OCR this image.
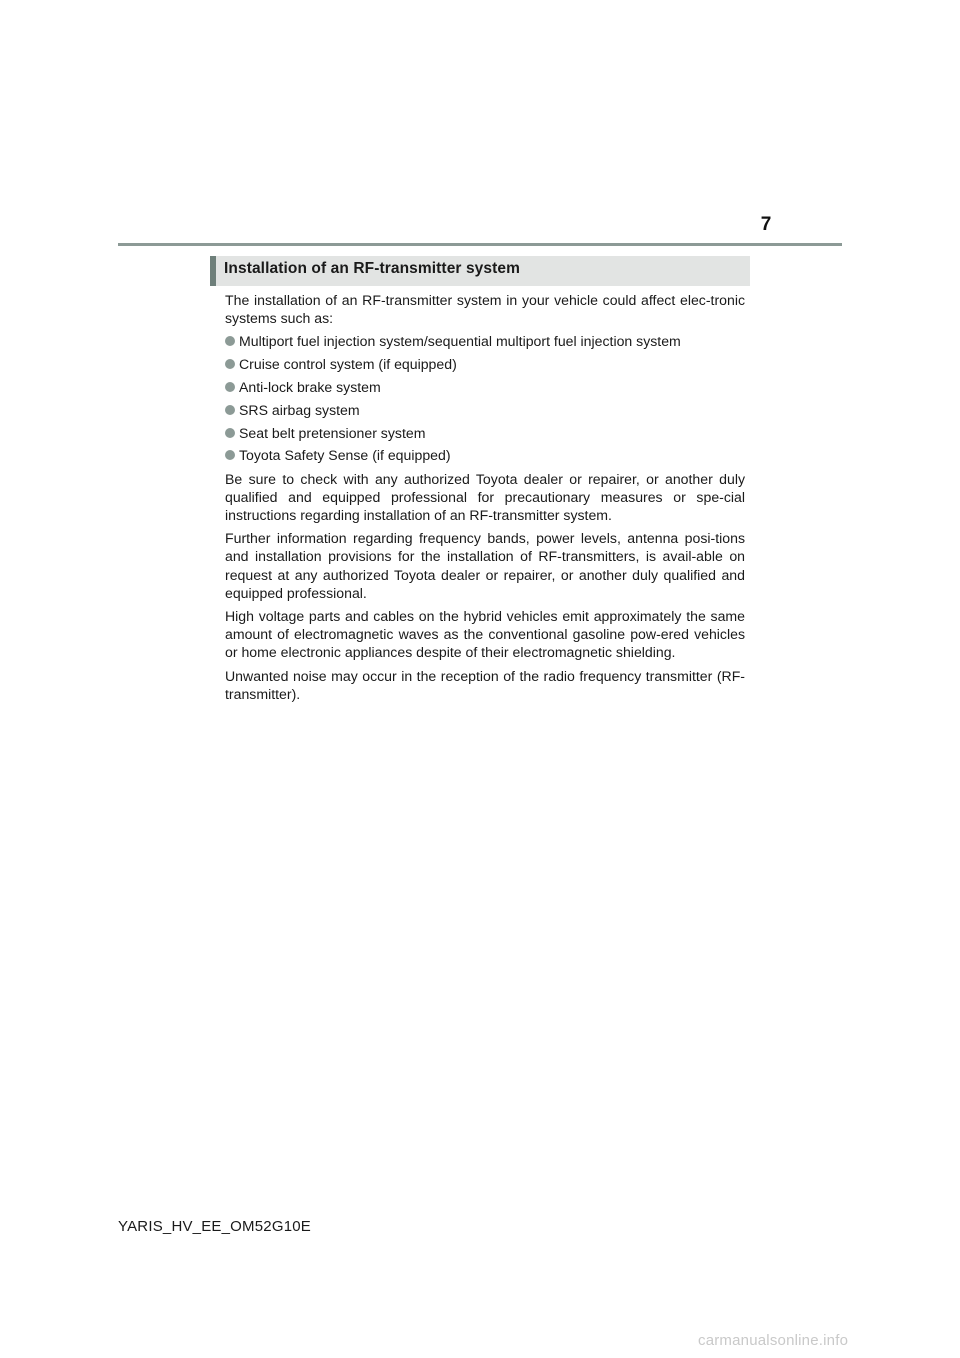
7
Installation of an RF-transmitter system

The installation of an RF-transmitter system in your vehicle could affect elec-tronic systems such as:

Multiport fuel injection system/sequential multiport fuel injection system
Cruise control system (if equipped)
Anti-lock brake system
SRS airbag system
Seat belt pretensioner system
Toyota Safety Sense (if equipped)

Be sure to check with any authorized Toyota dealer or repairer, or another duly qualified and equipped professional for precautionary measures or spe-cial instructions regarding installation of an RF-transmitter system.

Further information regarding frequency bands, power levels, antenna posi-tions and installation provisions for the installation of RF-transmitters, is avail-able on request at any authorized Toyota dealer or repairer, or another duly qualified and equipped professional.

High voltage parts and cables on the hybrid vehicles emit approximately the same amount of electromagnetic waves as the conventional gasoline pow-ered vehicles or home electronic appliances despite of their electromagnetic shielding.

Unwanted noise may occur in the reception of the radio frequency transmitter (RF-transmitter).

YARIS_HV_EE_OM52G10E
carmanualsonline.info
